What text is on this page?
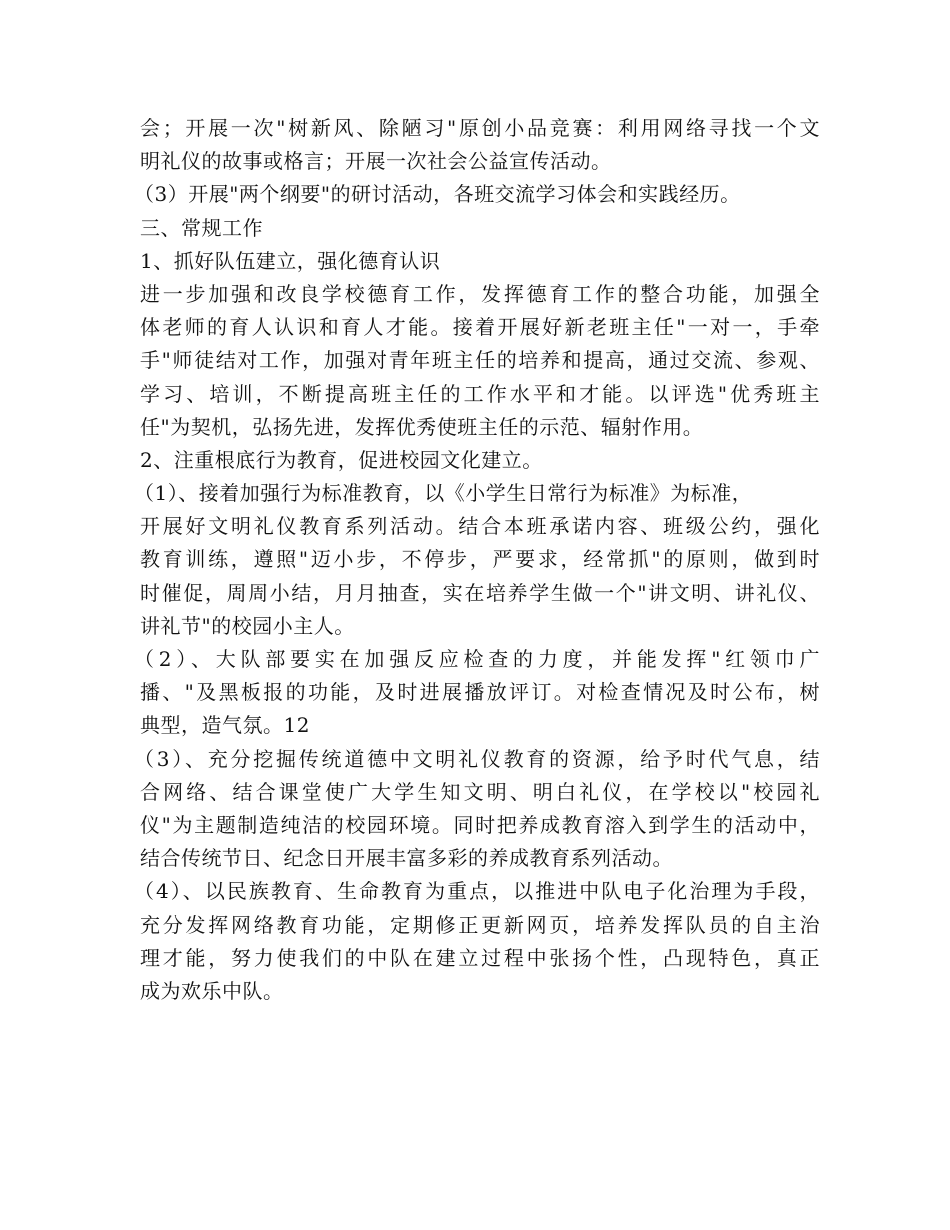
会；开展一次"树新风、除陋习"原创小品竞赛：利用网络寻找一个文
明礼仪的故事或格言；开展一次社会公益宣传活动。
（3）开展"两个纲要"的研讨活动，各班交流学习体会和实践经历。
三、常规工作
1、抓好队伍建立，强化德育认识
进一步加强和改良学校德育工作，发挥德育工作的整合功能，加强全
体老师的育人认识和育人才能。接着开展好新老班主任"一对一，手牵
手"师徒结对工作，加强对青年班主任的培养和提高，通过交流、参观、
学习、培训，不断提高班主任的工作水平和才能。以评选"优秀班主
任"为契机，弘扬先进，发挥优秀使班主任的示范、辐射作用。
2、注重根底行为教育，促进校园文化建立。
（1）、接着加强行为标准教育，以《小学生日常行为标准》为标准，
开展好文明礼仪教育系列活动。结合本班承诺内容、班级公约，强化
教育训练，遵照"迈小步，不停步，严要求，经常抓"的原则，做到时
时催促，周周小结，月月抽查，实在培养学生做一个"讲文明、讲礼仪、
讲礼节"的校园小主人。
（2）、大队部要实在加强反应检查的力度，并能发挥"红领巾广
播、"及黑板报的功能，及时进展播放评订。对检查情况及时公布，树
典型，造气氛。12
（3）、充分挖掘传统道德中文明礼仪教育的资源，给予时代气息，结
合网络、结合课堂使广大学生知文明、明白礼仪，在学校以"校园礼
仪"为主题制造纯洁的校园环境。同时把养成教育溶入到学生的活动中，
结合传统节日、纪念日开展丰富多彩的养成教育系列活动。
（4）、以民族教育、生命教育为重点，以推进中队电子化治理为手段，
充分发挥网络教育功能，定期修正更新网页，培养发挥队员的自主治
理才能，努力使我们的中队在建立过程中张扬个性，凸现特色，真正
成为欢乐中队。
